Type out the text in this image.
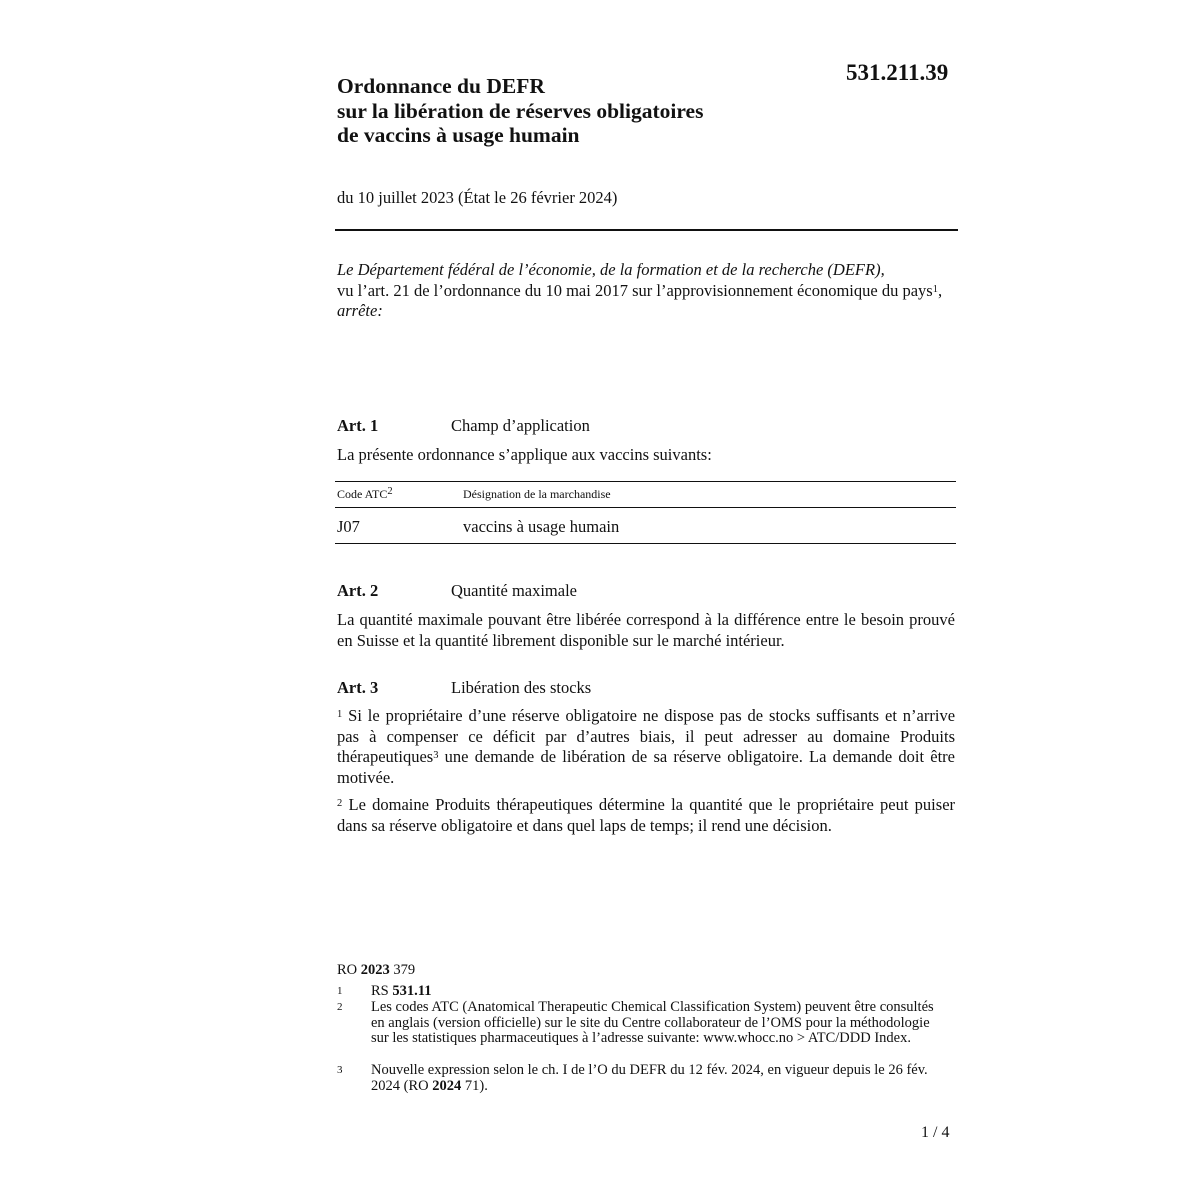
531.211.39
Ordonnance du DEFR
sur la libération de réserves obligatoires
de vaccins à usage humain
du 10 juillet 2023 (État le 26 février 2024)
Le Département fédéral de l’économie, de la formation et de la recherche (DEFR),
vu l’art. 21 de l’ordonnance du 10 mai 2017 sur l’approvisionnement économique du pays$^1$,
arrête:
Art. 1	Champ d’application
La présente ordonnance s’applique aux vaccins suivants:
Code ATC$^2$	Désignation de la marchandise
J07	vaccins à usage humain
Art. 2	Quantité maximale
La quantité maximale pouvant être libérée correspond à la différence entre le besoin prouvé en Suisse et la quantité librement disponible sur le marché intérieur.
Art. 3	Libération des stocks
$^1$ Si le propriétaire d’une réserve obligatoire ne dispose pas de stocks suffisants et n’arrive pas à compenser ce déficit par d’autres biais, il peut adresser au domaine Produits thérapeutiques$^3$ une demande de libération de sa réserve obligatoire. La demande doit être motivée.
$^2$ Le domaine Produits thérapeutiques détermine la quantité que le propriétaire peut puiser dans sa réserve obligatoire et dans quel laps de temps; il rend une décision.
RO 2023 379
1 RS 531.11
2 Les codes ATC (Anatomical Therapeutic Chemical Classification System) peuvent être consultés en anglais (version officielle) sur le site du Centre collaborateur de l’OMS pour la méthodologie sur les statistiques pharmaceutiques à l’adresse suivante: www.whocc.no > ATC/DDD Index.
3 Nouvelle expression selon le ch. I de l’O du DEFR du 12 fév. 2024, en vigueur depuis le 26 fév. 2024 (RO 2024 71).
1 / 4
